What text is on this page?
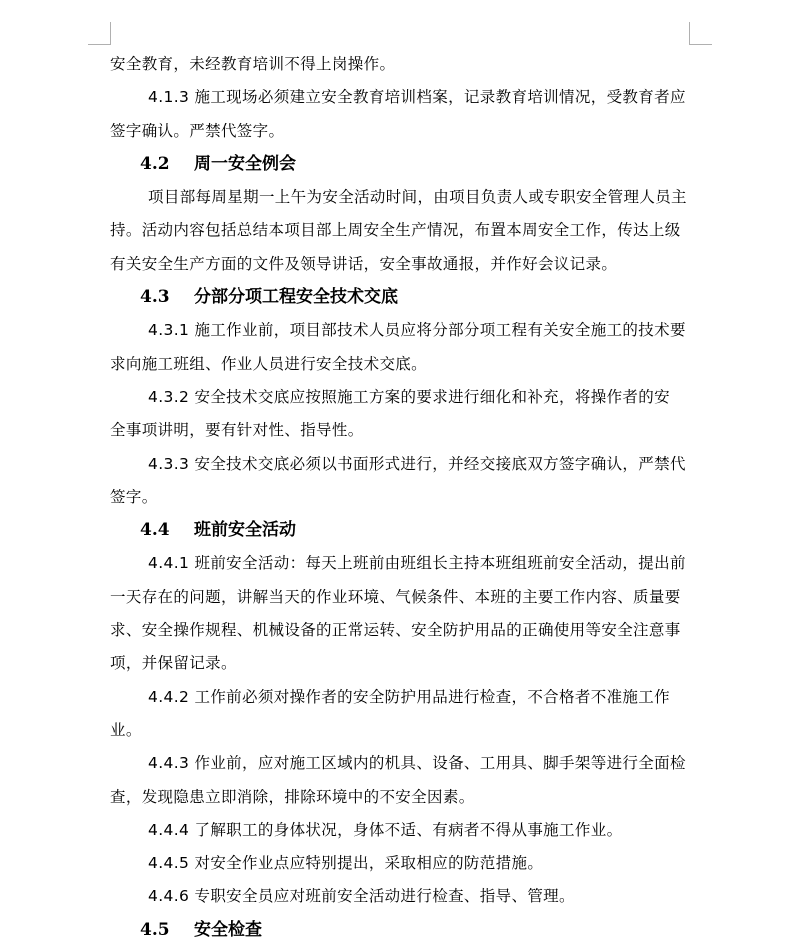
安全教育，未经教育培训不得上岗操作。
4.1.3 施工现场必须建立安全教育培训档案，记录教育培训情况，受教育者应
签字确认。严禁代签字。
4.2 周一安全例会
项目部每周星期一上午为安全活动时间，由项目负责人或专职安全管理人员主
持。活动内容包括总结本项目部上周安全生产情况，布置本周安全工作，传达上级
有关安全生产方面的文件及领导讲话，安全事故通报，并作好会议记录。
4.3 分部分项工程安全技术交底
4.3.1 施工作业前，项目部技术人员应将分部分项工程有关安全施工的技术要
求向施工班组、作业人员进行安全技术交底。
4.3.2 安全技术交底应按照施工方案的要求进行细化和补充，将操作者的安
全事项讲明，要有针对性、指导性。
4.3.3 安全技术交底必须以书面形式进行，并经交接底双方签字确认，严禁代
签字。
4.4 班前安全活动
4.4.1 班前安全活动：每天上班前由班组长主持本班组班前安全活动，提出前
一天存在的问题，讲解当天的作业环境、气候条件、本班的主要工作内容、质量要
求、安全操作规程、机械设备的正常运转、安全防护用品的正确使用等安全注意事
项，并保留记录。
4.4.2 工作前必须对操作者的安全防护用品进行检查，不合格者不准施工作
业。
4.4.3 作业前，应对施工区域内的机具、设备、工用具、脚手架等进行全面检
查，发现隐患立即消除，排除环境中的不安全因素。
4.4.4 了解职工的身体状况，身体不适、有病者不得从事施工作业。
4.4.5 对安全作业点应特别提出，采取相应的防范措施。
4.4.6 专职安全员应对班前安全活动进行检查、指导、管理。
4.5 安全检查
